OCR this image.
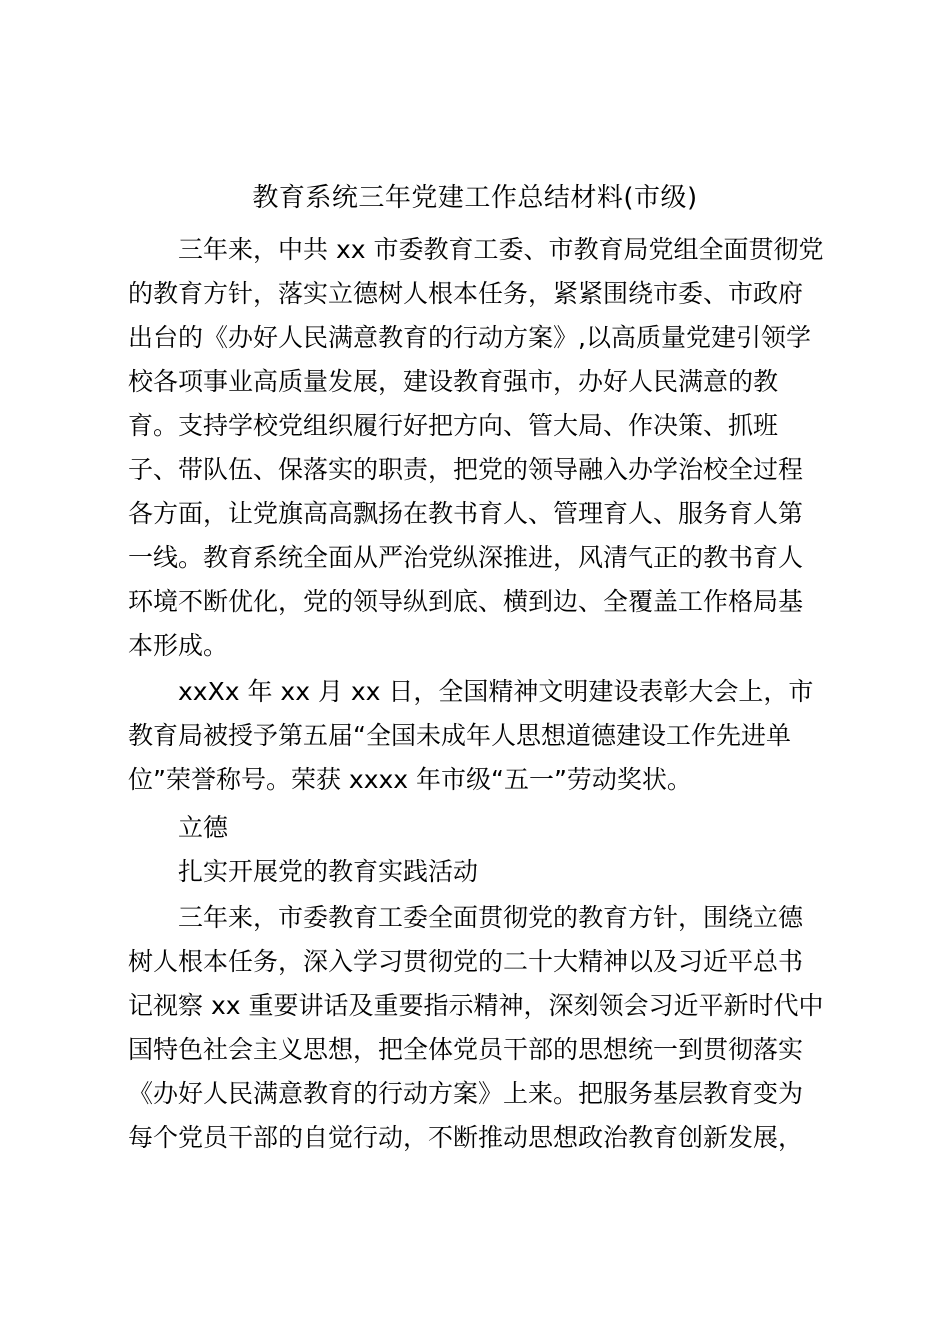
教育系统三年党建工作总结材料(市级)
三年来，中共 xx 市委教育工委、市教育局党组全面贯彻党
的教育方针，落实立德树人根本任务，紧紧围绕市委、市政府
出台的《办好人民满意教育的行动方案》,以高质量党建引领学
校各项事业高质量发展，建设教育强市，办好人民满意的教
育。支持学校党组织履行好把方向、管大局、作决策、抓班
子、带队伍、保落实的职责，把党的领导融入办学治校全过程
各方面，让党旗高高飘扬在教书育人、管理育人、服务育人第
一线。教育系统全面从严治党纵深推进，风清气正的教书育人
环境不断优化，党的领导纵到底、横到边、全覆盖工作格局基
本形成。
xxXx 年 xx 月 xx 日，全国精神文明建设表彰大会上，市
教育局被授予第五届“全国未成年人思想道德建设工作先进单
位”荣誉称号。荣获 xxxx 年市级“五一”劳动奖状。
立德
扎实开展党的教育实践活动
三年来，市委教育工委全面贯彻党的教育方针，围绕立德
树人根本任务，深入学习贯彻党的二十大精神以及习近平总书
记视察 xx 重要讲话及重要指示精神，深刻领会习近平新时代中
国特色社会主义思想，把全体党员干部的思想统一到贯彻落实
《办好人民满意教育的行动方案》上来。把服务基层教育变为
每个党员干部的自觉行动，不断推动思想政治教育创新发展，
